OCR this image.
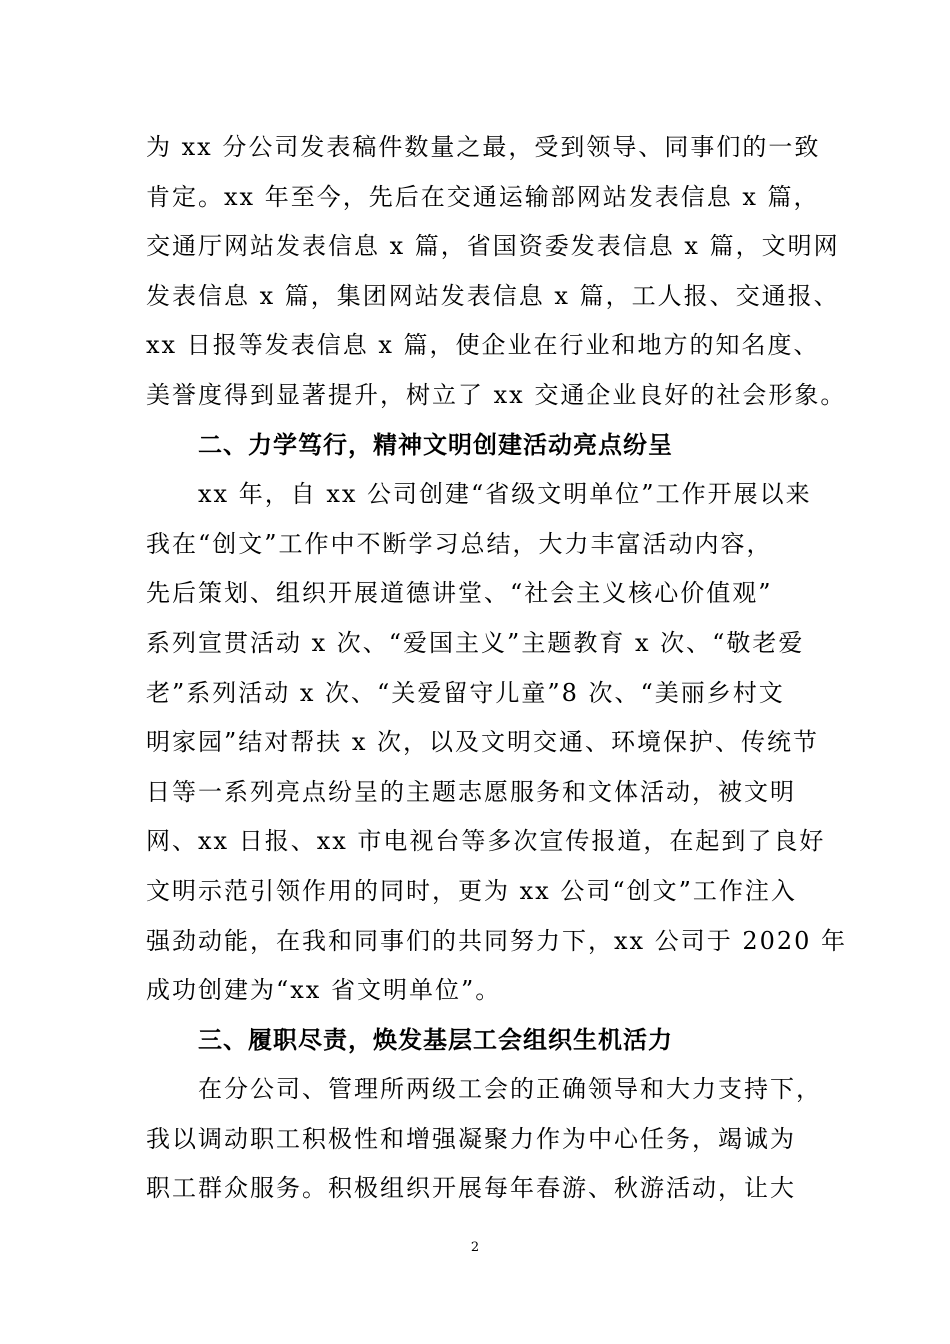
为 xx 分公司发表稿件数量之最，受到领导、同事们的一致
肯定。xx 年至今，先后在交通运输部网站发表信息 x 篇，
交通厅网站发表信息 x 篇，省国资委发表信息 x 篇，文明网
发表信息 x 篇，集团网站发表信息 x 篇，工人报、交通报、
xx 日报等发表信息 x 篇，使企业在行业和地方的知名度、
美誉度得到显著提升，树立了 xx 交通企业良好的社会形象。
二、力学笃行，精神文明创建活动亮点纷呈
xx 年，自 xx 公司创建“省级文明单位”工作开展以来
我在“创文”工作中不断学习总结，大力丰富活动内容，
先后策划、组织开展道德讲堂、“社会主义核心价值观”
系列宣贯活动 x 次、“爱国主义”主题教育 x 次、“敬老爱
老”系列活动 x 次、“关爱留守儿童”8 次、“美丽乡村文
明家园”结对帮扶 x 次，以及文明交通、环境保护、传统节
日等一系列亮点纷呈的主题志愿服务和文体活动，被文明
网、xx 日报、xx 市电视台等多次宣传报道，在起到了良好
文明示范引领作用的同时，更为 xx 公司“创文”工作注入
强劲动能，在我和同事们的共同努力下，xx 公司于 2020 年
成功创建为“xx 省文明单位”。
三、履职尽责，焕发基层工会组织生机活力
在分公司、管理所两级工会的正确领导和大力支持下，
我以调动职工积极性和增强凝聚力作为中心任务，竭诚为
职工群众服务。积极组织开展每年春游、秋游活动，让大
2
